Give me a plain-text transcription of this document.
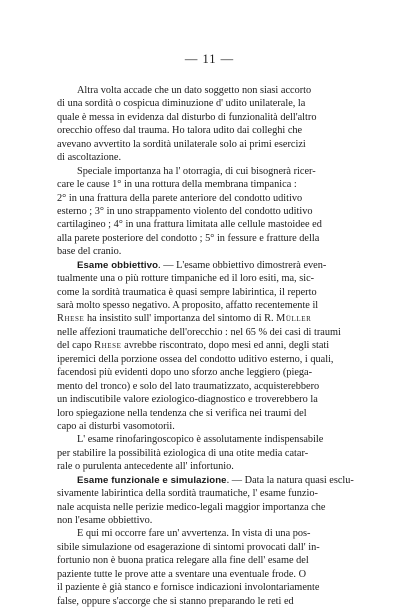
— 11 —
Altra volta accade che un dato soggetto non siasi accorto
di una sordità o cospicua diminuzione d' udito unilaterale, la
quale è messa in evidenza dal disturbo di funzionalità dell'altro
orecchio offeso dal trauma. Ho talora udito dai colleghi che
avevano avvertito la sordità unilaterale solo ai primi esercizi
di ascoltazione.
Speciale importanza ha l' otorragia, di cui bisognerà ricer-
care le cause 1° in una rottura della membrana timpanica :
2° in una frattura della parete anteriore del condotto uditivo
esterno ; 3° in uno strappamento violento del condotto uditivo
cartilagineo ; 4° in una frattura limitata alle cellule mastoidee ed
alla parete posteriore del condotto ; 5° in fessure e fratture della
base del cranio.
Esame obbiettivo. — L'esame obbiettivo dimostrerà even-
tualmente una o più rotture timpaniche ed il loro esiti, ma, sic-
come la sordità traumatica è quasi sempre labirintica, il reperto
sarà molto spesso negativo. A proposito, affatto recentemente il
Rhese ha insistito sull' importanza del sintomo di R. Müller
nelle affezioni traumatiche dell'orecchio : nel 65 % dei casi di traumi
del capo Rhese avrebbe riscontrato, dopo mesi ed anni, degli stati
iperemici della porzione ossea del condotto uditivo esterno, i quali,
facendosi più evidenti dopo uno sforzo anche leggiero (piega-
mento del tronco) e solo del lato traumatizzato, acquisterebbero
un indiscutibile valore eziologico-diagnostico e troverebbero la
loro spiegazione nella tendenza che si verifica nei traumi del
capo ai disturbi vasomotorii.
L' esame rinofaringoscopico è assolutamente indispensabile
per stabilire la possibilità eziologica di una otite media catar-
rale o purulenta antecedente all' infortunio.
Esame funzionale e simulazione. — Data la natura quasi esclu-
sivamente labirintica della sordità traumatiche, l' esame funzio-
nale acquista nelle perizie medico-legali maggior importanza che
non l'esame obbiettivo.
E qui mi occorre fare un' avvertenza. In vista di una pos-
sibile simulazione od esagerazione di sintomi provocati dall' in-
fortunio non è buona pratica relegare alla fine dell' esame del
paziente tutte le prove atte a sventare una eventuale frode. O
il paziente è già stanco e fornisce indicazioni involontariamente
false, oppure s'accorge che si stanno preparando le reti ed
